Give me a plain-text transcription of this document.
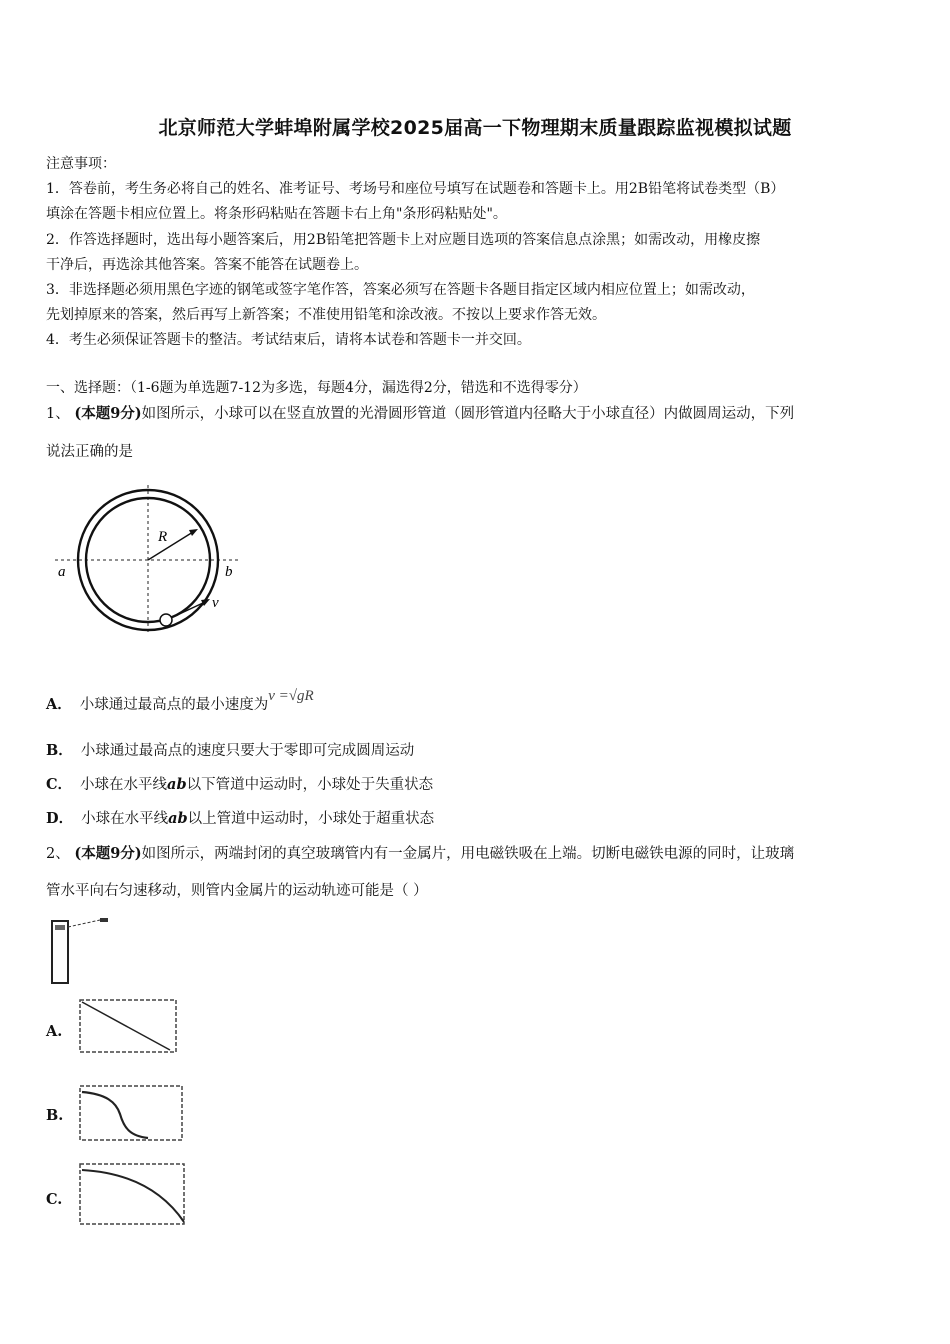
北京师范大学蚌埠附属学校2025届高一下物理期末质量跟踪监视模拟试题
注意事项：
1．答卷前，考生务必将自己的姓名、准考证号、考场号和座位号填写在试题卷和答题卡上。用2B铅笔将试卷类型（B）
填涂在答题卡相应位置上。将条形码粘贴在答题卡右上角"条形码粘贴处"。
2．作答选择题时，选出每小题答案后，用2B铅笔把答题卡上对应题目选项的答案信息点涂黑；如需改动，用橡皮擦
干净后，再选涂其他答案。答案不能答在试题卷上。
3．非选择题必须用黑色字迹的钢笔或签字笔作答，答案必须写在答题卡各题目指定区域内相应位置上；如需改动，
先划掉原来的答案，然后再写上新答案；不准使用铅笔和涂改液。不按以上要求作答无效。
4．考生必须保证答题卡的整洁。考试结束后，请将本试卷和答题卡一并交回。
一、选择题：（1-6题为单选题7-12为多选，每题4分，漏选得2分，错选和不选得零分）
1、 (本题9分)如图所示，小球可以在竖直放置的光滑圆形管道（圆形管道内径略大于小球直径）内做圆周运动，下列
说法正确的是
R
a	b
v
A． 小球通过最高点的最小速度为v =√gR
B． 小球通过最高点的速度只要大于零即可完成圆周运动
C． 小球在水平线ab以下管道中运动时，小球处于失重状态
D． 小球在水平线ab以上管道中运动时，小球处于超重状态
2、 (本题9分)如图所示，两端封闭的真空玻璃管内有一金属片，用电磁铁吸在上端。切断电磁铁电源的同时，让玻璃
管水平向右匀速移动，则管内金属片的运动轨迹可能是（ ）
A.
B.
C.
